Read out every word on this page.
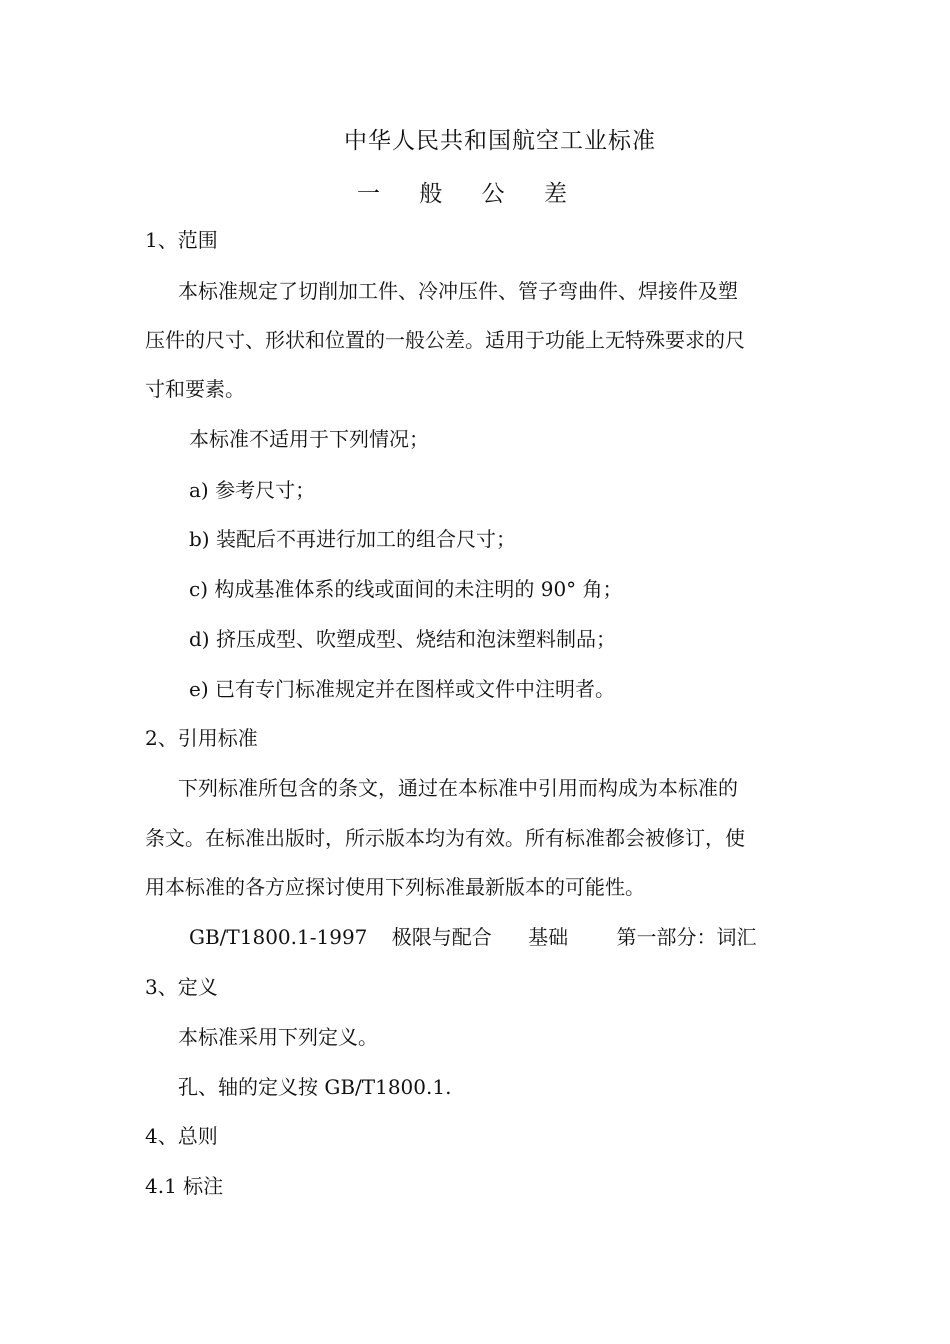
中华人民共和国航空工业标准
一 般 公 差
1、范围
本标准规定了切削加工件、冷冲压件、管子弯曲件、焊接件及塑
压件的尺寸、形状和位置的一般公差。适用于功能上无特殊要求的尺
寸和要素。
本标准不适用于下列情况；
a) 参考尺寸；
b) 装配后不再进行加工的组合尺寸；
c) 构成基准体系的线或面间的未注明的 90° 角；
d) 挤压成型、吹塑成型、烧结和泡沫塑料制品；
e) 已有专门标准规定并在图样或文件中注明者。
2、引用标准
下列标准所包含的条文，通过在本标准中引用而构成为本标准的
条文。在标准出版时，所示版本均为有效。所有标准都会被修订，使
用本标准的各方应探讨使用下列标准最新版本的可能性。
GB/T1800.1-1997 极限与配合 基础 第一部分：词汇
3、定义
本标准采用下列定义。
孔、轴的定义按 GB/T1800.1.
4、总则
4.1 标注
